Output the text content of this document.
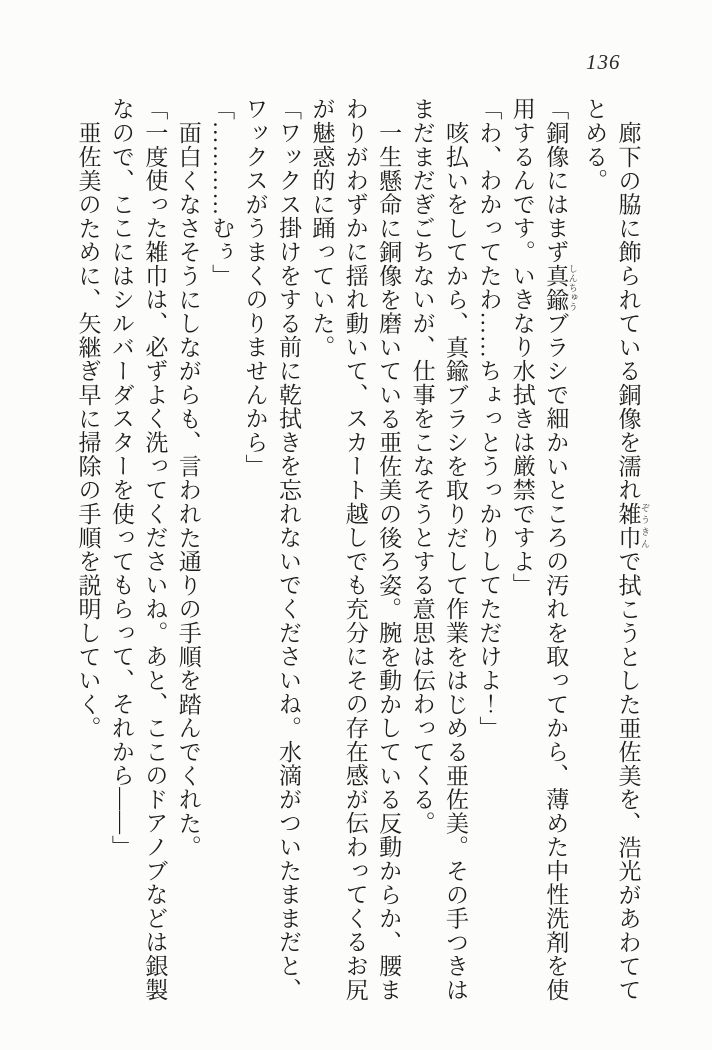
136
廊下の脇に飾られている銅像を濡れ雑巾 ぞうきんで拭こうとした亜佐美を、浩光があわてて
とめる。
「銅像にはまず真鍮 しんちゅうブラシで細かいところの汚れを取ってから、薄めた中性洗剤を使
用するんです。いきなり水拭きは厳禁ですよ」
「わ、わかってたわ……ちょっとうっかりしてただけよ！」
咳払いをしてから、真鍮ブラシを取りだして作業をはじめる亜佐美。その手つきは
まだまだぎごちないが、仕事をこなそうとする意思は伝わってくる。
一生懸命に銅像を磨いている亜佐美の後ろ姿。腕を動かしている反動からか、腰ま
わりがわずかに揺れ動いて、スカート越しでも充分にその存在感が伝わってくるお尻
が魅惑的に踊っていた。
「ワックス掛けをする前に乾拭きを忘れないでくださいね。水滴がついたままだと、
ワックスがうまくのりませんから」
「…………むぅ」
面白くなさそうにしながらも、言われた通りの手順を踏んでくれた。
「一度使った雑巾は、必ずよく洗ってくださいね。あと、ここのドアノブなどは銀製
なので、ここにはシルバーダスターを使ってもらって、それから――」
亜佐美のために、矢継ぎ早に掃除の手順を説明していく。
